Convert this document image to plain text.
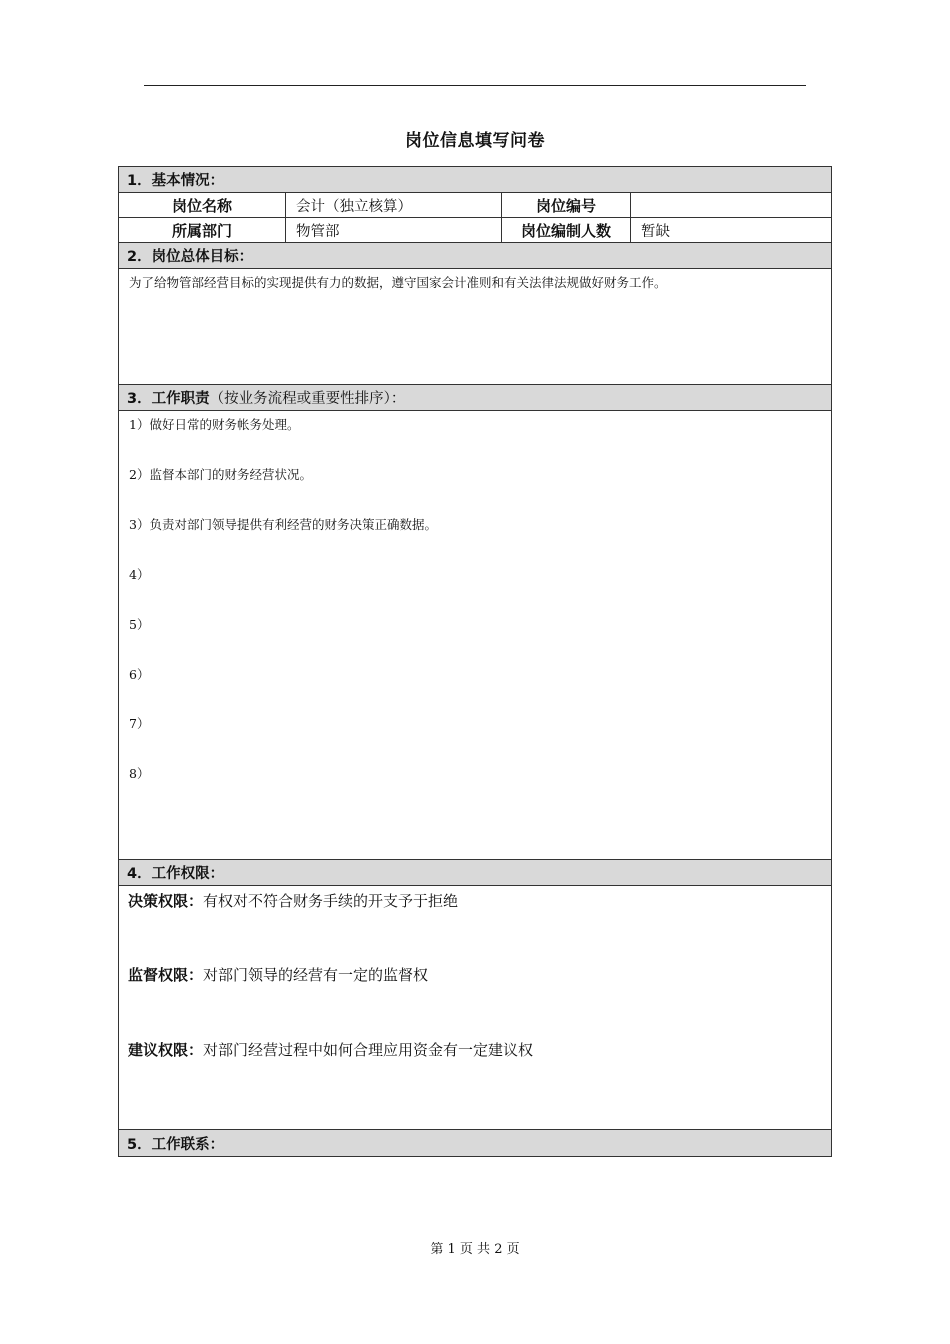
岗位信息填写问卷
1．基本情况：
岗位名称	会计（独立核算）	岗位编号
所属部门	物管部	岗位编制人数	暂缺
2．岗位总体目标：
为了给物管部经营目标的实现提供有力的数据，遵守国家会计准则和有关法律法规做好财务工作。
3．工作职责 （按业务流程或重要性排序）：
1）做好日常的财务帐务处理。
2）监督本部门的财务经营状况。
3）负责对部门领导提供有利经营的财务决策正确数据。
4）
5）
6）
7）
8）
4．工作权限：
决策权限：有权对不符合财务手续的开支予于拒绝
监督权限：对部门领导的经营有一定的监督权
建议权限：对部门经营过程中如何合理应用资金有一定建议权
5．工作联系：
第 1 页 共 2 页
